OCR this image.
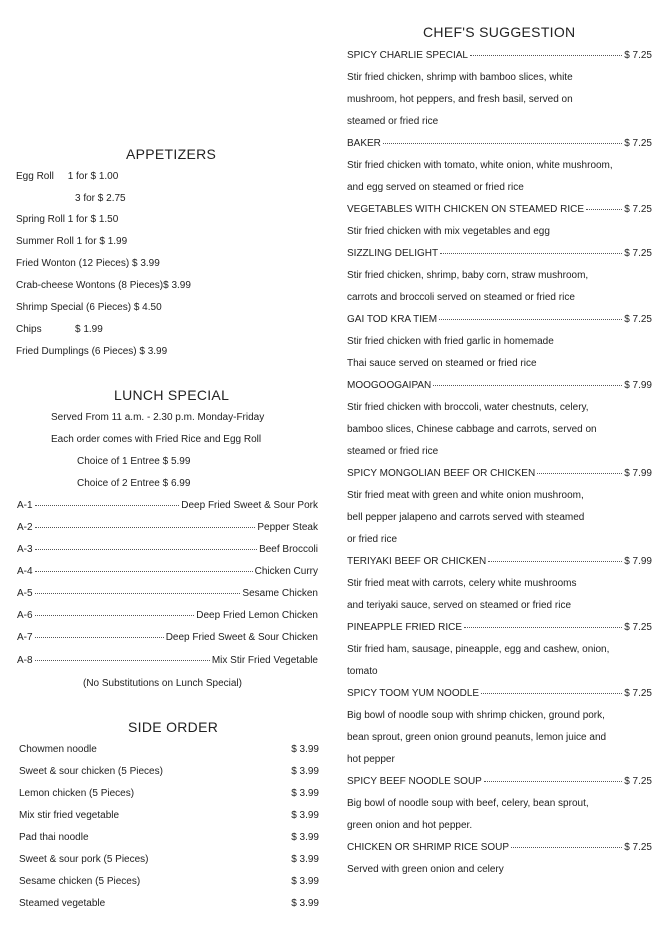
APPETIZERS
Egg Roll     1 for $ 1.00
3 for $ 2.75
Spring Roll 1 for $ 1.50
Summer Roll 1 for $ 1.99
Fried Wonton (12 Pieces) $ 3.99
Crab-cheese Wontons (8 Pieces)$ 3.99
Shrimp Special (6 Pieces) $ 4.50
Chips	$ 1.99
Fried Dumplings (6 Pieces) $ 3.99
LUNCH SPECIAL
Served From 11 a.m. - 2.30 p.m. Monday-Friday
Each order comes with Fried Rice and Egg Roll
Choice of 1 Entree $ 5.99
Choice of 2 Entree $ 6.99
A-1	Deep Fried Sweet & Sour Pork
A-2	Pepper Steak
A-3	Beef Broccoli
A-4	Chicken Curry
A-5	Sesame Chicken
A-6	Deep Fried Lemon Chicken
A-7	Deep Fried Sweet & Sour Chicken
A-8	Mix Stir Fried Vegetable
(No Substitutions on Lunch Special)
SIDE ORDER
Chowmen noodle	$ 3.99
Sweet & sour chicken (5 Pieces)	$ 3.99
Lemon chicken (5 Pieces)	$ 3.99
Mix stir fried vegetable	$ 3.99
Pad thai noodle	$ 3.99
Sweet & sour pork (5 Pieces)	$ 3.99
Sesame chicken (5 Pieces)	$ 3.99
Steamed vegetable	$ 3.99
CHEF'S SUGGESTION
SPICY CHARLIE SPECIAL	$ 7.25
Stir fried chicken, shrimp with bamboo slices, white
mushroom, hot peppers, and fresh basil, served on
steamed or fried rice
BAKER	$ 7.25
Stir fried chicken with tomato, white onion, white mushroom,
and egg served on steamed or fried rice
VEGETABLES WITH CHICKEN ON STEAMED RICE	$ 7.25
Stir fried chicken with mix vegetables and egg
SIZZLING DELIGHT	$ 7.25
Stir fried chicken, shrimp, baby corn, straw mushroom,
carrots and broccoli served on steamed or fried rice
GAI TOD KRA TIEM	$ 7.25
Stir fried chicken with fried garlic in homemade
Thai sauce served on steamed or fried rice
MOOGOOGAIPAN	$ 7.99
Stir fried chicken with broccoli, water chestnuts, celery,
bamboo slices, Chinese cabbage and carrots, served on
steamed or fried rice
SPICY MONGOLIAN BEEF OR CHICKEN	$ 7.99
Stir fried meat with green and white onion mushroom,
bell pepper jalapeno and carrots served with steamed
or fried rice
TERIYAKI BEEF OR CHICKEN	$ 7.99
Stir fried meat with carrots, celery white mushrooms
and teriyaki sauce, served on steamed or fried rice
PINEAPPLE FRIED RICE	$ 7.25
Stir fried ham, sausage, pineapple, egg and cashew, onion,
tomato
SPICY TOOM YUM NOODLE	$ 7.25
Big bowl of noodle soup with shrimp chicken, ground pork,
bean sprout, green onion ground peanuts, lemon juice and
hot pepper
SPICY BEEF NOODLE SOUP	$ 7.25
Big bowl of noodle soup with beef, celery, bean sprout,
green onion and hot pepper.
CHICKEN OR SHRIMP RICE SOUP	$ 7.25
Served with green onion and celery
